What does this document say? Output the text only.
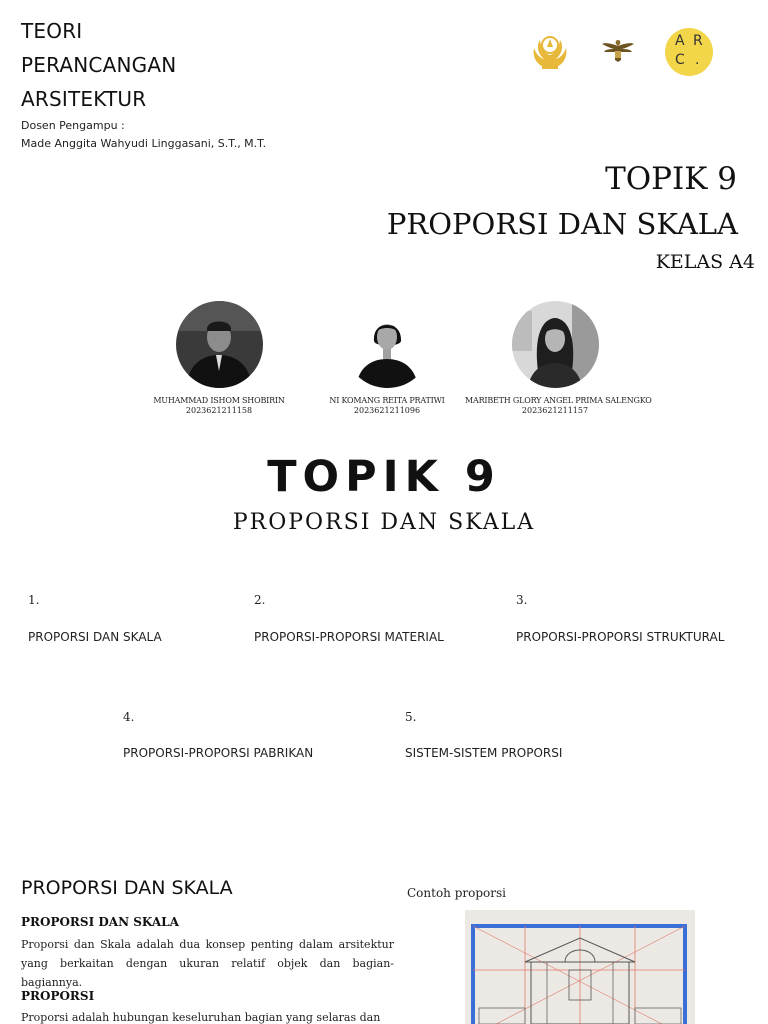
TEORI
PERANCANGAN
ARSITEKTUR
Dosen Pengampu :
Made Anggita Wahyudi Linggasani, S.T., M.T.
A R
C .
TOPIK 9
PROPORSI DAN SKALA
KELAS A4
MUHAMMAD ISHOM SHOBIRIN
2023621211158
NI KOMANG REITA PRATIWI
2023621211096
MARIBETH GLORY ANGEL PRIMA SALENGKO
2023621211157
TOPIK 9
PROPORSI DAN SKALA
1.
PROPORSI DAN SKALA
2.
PROPORSI-PROPORSI MATERIAL
3.
PROPORSI-PROPORSI STRUKTURAL
4.
PROPORSI-PROPORSI PABRIKAN
5.
SISTEM-SISTEM PROPORSI
PROPORSI DAN SKALA
PROPORSI DAN SKALA
Proporsi dan Skala adalah dua konsep penting dalam arsitektur yang berkaitan dengan ukuran relatif objek dan bagian-bagiannya.
PROPORSI
Proporsi adalah hubungan keseluruhan bagian yang selaras dan
Contoh proporsi
